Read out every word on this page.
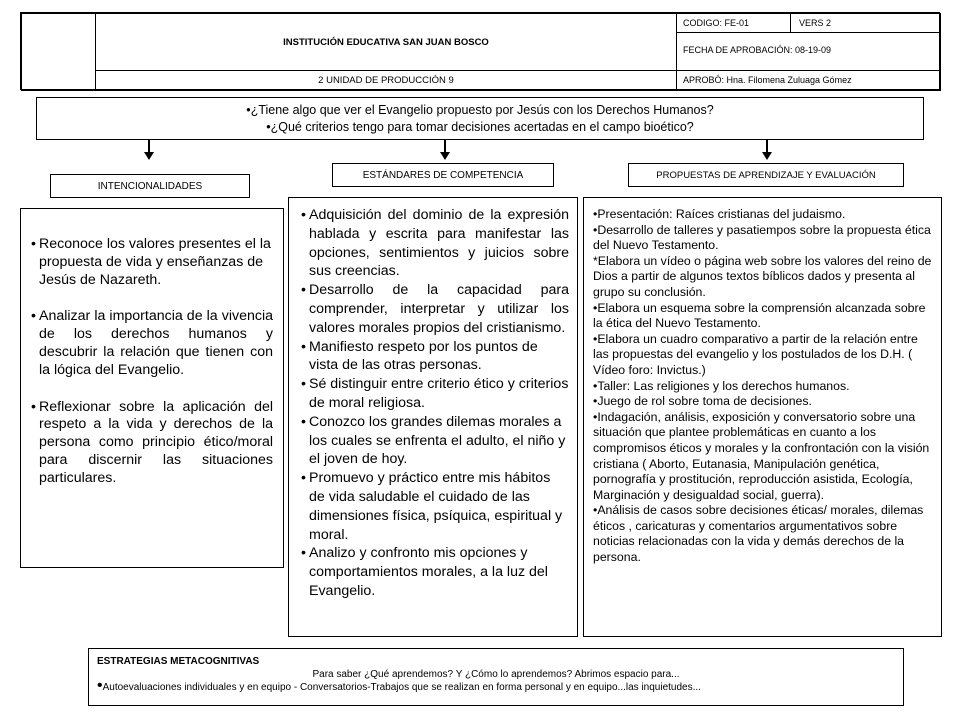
INSTITUCIÓN EDUCATIVA SAN JUAN BOSCO
2 UNIDAD DE PRODUCCIÓN 9
CODIGO: FE-01	VERS 2
FECHA DE APROBACIÓN: 08-19-09
APROBÓ: Hna. Filomena Zuluaga Gómez
•¿Tiene algo que ver el Evangelio propuesto por Jesús con los Derechos Humanos?
•¿Qué criterios tengo para tomar decisiones acertadas en el campo bioético?
INTENCIONALIDADES
ESTÁNDARES DE COMPETENCIA	PROPUESTAS DE APRENDIZAJE Y EVALUACIÓN
• Reconoce los valores presentes el la propuesta de vida y enseñanzas de Jesús de Nazareth.
• Analizar la importancia de la vivencia de los derechos humanos y descubrir la relación que tienen con la lógica del Evangelio.
• Reflexionar sobre la aplicación del respeto a la vida y derechos de la persona como principio ético/moral para discernir las situaciones particulares.
• Adquisición del dominio de la expresión hablada y escrita para manifestar las opciones, sentimientos y juicios sobre sus creencias.
• Desarrollo de la capacidad para comprender, interpretar y utilizar los valores morales propios del cristianismo.
• Manifiesto respeto por los puntos de vista de las otras personas.
• Sé distinguir entre criterio ético y criterios de moral religiosa.
• Conozco los grandes dilemas morales a los cuales se enfrenta el adulto, el niño y el joven de hoy.
• Promuevo y práctico entre mis hábitos de vida saludable el cuidado de las dimensiones física, psíquica, espiritual y moral.
• Analizo y confronto mis opciones y comportamientos morales, a la luz del Evangelio.
•Presentación: Raíces cristianas del judaismo.
•Desarrollo de talleres y pasatiempos sobre la propuesta ética del Nuevo Testamento.
*Elabora un vídeo o página web sobre los valores del reino de Dios a partir de algunos textos bíblicos dados y presenta al grupo su conclusión.
•Elabora un esquema sobre la comprensión alcanzada sobre la ética del Nuevo Testamento.
•Elabora un cuadro comparativo a partir de la relación entre las propuestas del evangelio y los postulados de los D.H. ( Vídeo foro: Invictus.)
•Taller: Las religiones y los derechos humanos.
•Juego de rol sobre toma de decisiones.
•Indagación, análisis, exposición y conversatorio sobre una situación que plantee problemáticas en cuanto a los compromisos éticos y morales y la confrontación con la visión cristiana ( Aborto, Eutanasia, Manipulación genética, pornografía y prostitución, reproducción asistida, Ecología, Marginación y desigualdad social, guerra).
•Análisis de casos sobre decisiones éticas/ morales, dilemas éticos , caricaturas y comentarios argumentativos sobre noticias relacionadas con la vida y demás derechos de la persona.
ESTRATEGIAS METACOGNITIVAS
Para saber ¿Qué aprendemos? Y ¿Cómo lo aprendemos? Abrimos espacio para...
•Autoevaluaciones individuales y en equipo - Conversatorios-Trabajos que se realizan en forma personal y en equipo...las inquietudes...
